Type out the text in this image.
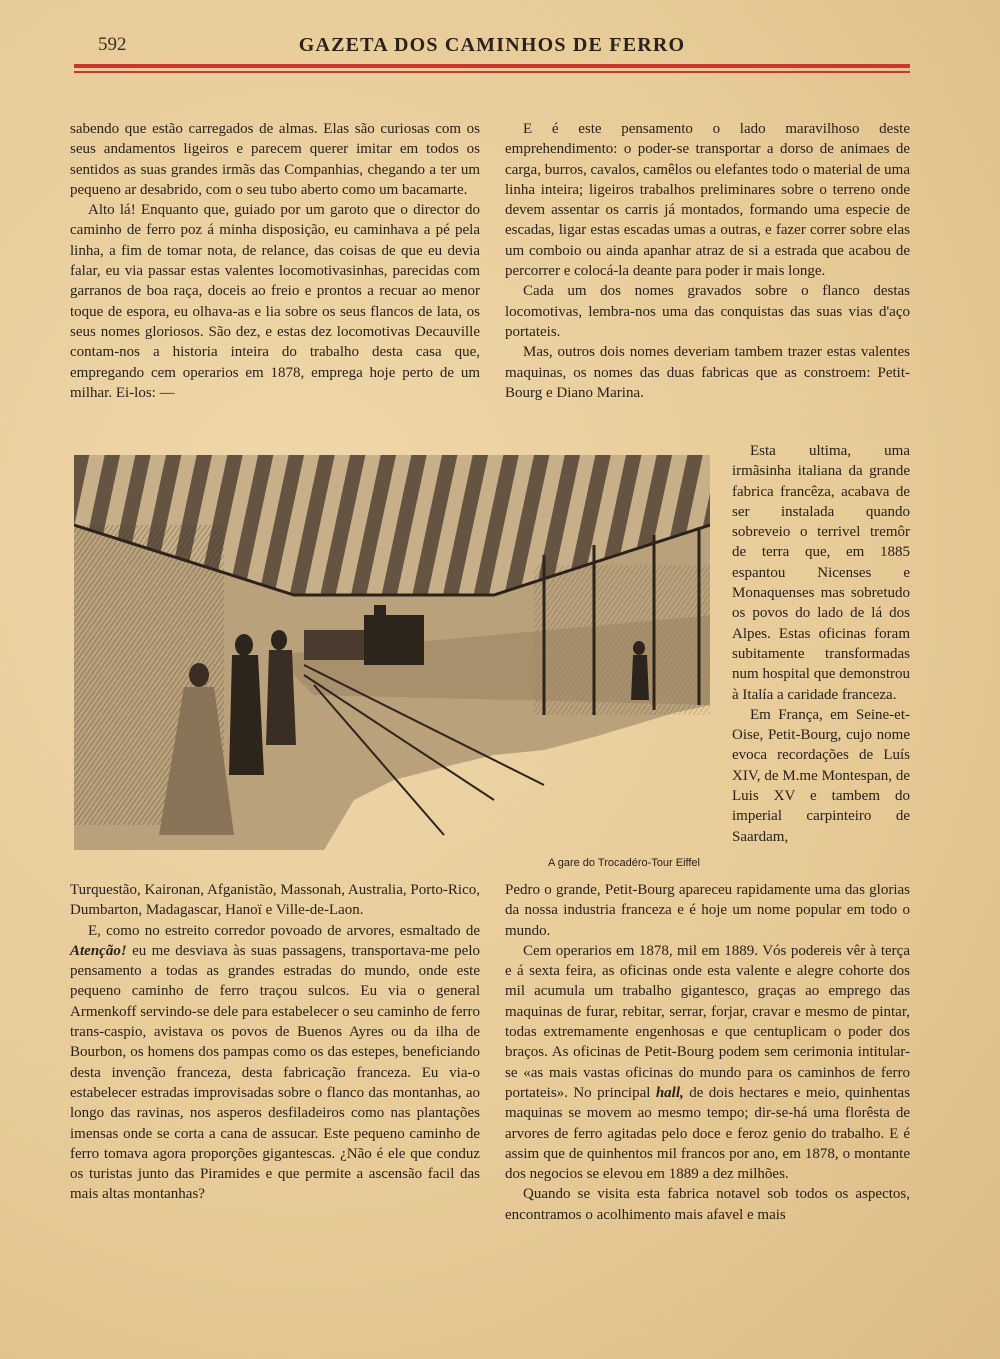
592	GAZETA DOS CAMINHOS DE FERRO

sabendo que estão carregados de almas. Elas são curiosas com os seus andamentos ligeiros e parecem querer imitar em todos os sentidos as suas grandes irmãs das Companhias, chegando a ter um pequeno ar desabrido, com o seu tubo aberto como um bacamarte.

Alto lá! Enquanto que, guiado por um garoto que o director do caminho de ferro poz á minha disposição, eu caminhava a pé pela linha, a fim de tomar nota, de relance, das coisas de que eu devia falar, eu via passar estas valentes locomotivasinhas, parecidas com garranos de boa raça, doceis ao freio e prontos a recuar ao menor toque de espora, eu olhava-as e lia sobre os seus flancos de lata, os seus nomes gloriosos. São dez, e estas dez locomotivas Decauville contam-nos a historia inteira do trabalho desta casa que, empregando cem operarios em 1878, emprega hoje perto de um milhar. Ei-los: —

E é este pensamento o lado maravilhoso deste emprehendimento: o poder-se transportar a dorso de animaes de carga, burros, cavalos, camêlos ou elefantes todo o material de uma linha inteira; ligeiros trabalhos preliminares sobre o terreno onde devem assentar os carris já montados, formando uma especie de escadas, ligar estas escadas umas a outras, e fazer correr sobre elas um comboio ou ainda apanhar atraz de si a estrada que acabou de percorrer e colocá-la deante para poder ir mais longe.

Cada um dos nomes gravados sobre o flanco destas locomotivas, lembra-nos uma das conquistas das suas vias d'aço portateis.

Mas, outros dois nomes deveriam tambem trazer estas valentes maquinas, os nomes das duas fabricas que as constroem: Petit-Bourg e Diano Marina.

A gare do Trocadéro-Tour Eiffel

Esta ultima, uma irmãsinha italiana da grande fabrica francêza, acabava de ser instalada quando sobreveio o terrivel tremôr de terra que, em 1885 espantou Nicenses e Monaquenses mas sobretudo os povos do lado de lá dos Alpes. Estas oficinas foram subitamente transformadas num hospital que demonstrou à Italía a caridade franceza.

Em França, em Seine-et-Oise, Petit-Bourg, cujo nome evoca recordações de Luís XIV, de M.me Montespan, de Luis XV e tambem do imperial carpinteiro de Saardam,

Turquestão, Kaironan, Afganistão, Massonah, Australia, Porto-Rico, Dumbarton, Madagascar, Hanoï e Ville-de-Laon.

E, como no estreito corredor povoado de arvores, esmaltado de Atenção! eu me desviava às suas passagens, transportava-me pelo pensamento a todas as grandes estradas do mundo, onde este pequeno caminho de ferro traçou sulcos. Eu via o general Armenkoff servindo-se dele para estabelecer o seu caminho de ferro trans-caspio, avistava os povos de Buenos Ayres ou da ilha de Bourbon, os homens dos pampas como os das estepes, beneficiando desta invenção franceza, desta fabricação franceza. Eu via-o estabelecer estradas improvisadas sobre o flanco das montanhas, ao longo das ravinas, nos asperos desfiladeiros como nas plantações imensas onde se corta a cana de assucar. Este pequeno caminho de ferro tomava agora proporções gigantescas. ¿Não é ele que conduz os turistas junto das Piramides e que permite a ascensão facil das mais altas montanhas?

Pedro o grande, Petit-Bourg apareceu rapidamente uma das glorias da nossa industria franceza e é hoje um nome popular em todo o mundo.

Cem operarios em 1878, mil em 1889. Vós podereis vêr à terça e á sexta feira, as oficinas onde esta valente e alegre cohorte dos mil acumula um trabalho gigantesco, graças ao emprego das maquinas de furar, rebitar, serrar, forjar, cravar e mesmo de pintar, todas extremamente engenhosas e que centuplicam o poder dos braços. As oficinas de Petit-Bourg podem sem cerimonia intitular-se «as mais vastas oficinas do mundo para os caminhos de ferro portateis». No principal hall, de dois hectares e meio, quinhentas maquinas se movem ao mesmo tempo; dir-se-há uma florêsta de arvores de ferro agitadas pelo doce e feroz genio do trabalho. E é assim que de quinhentos mil francos por ano, em 1878, o montante dos negocios se elevou em 1889 a dez milhões.

Quando se visita esta fabrica notavel sob todos os aspectos, encontramos o acolhimento mais afavel e mais
